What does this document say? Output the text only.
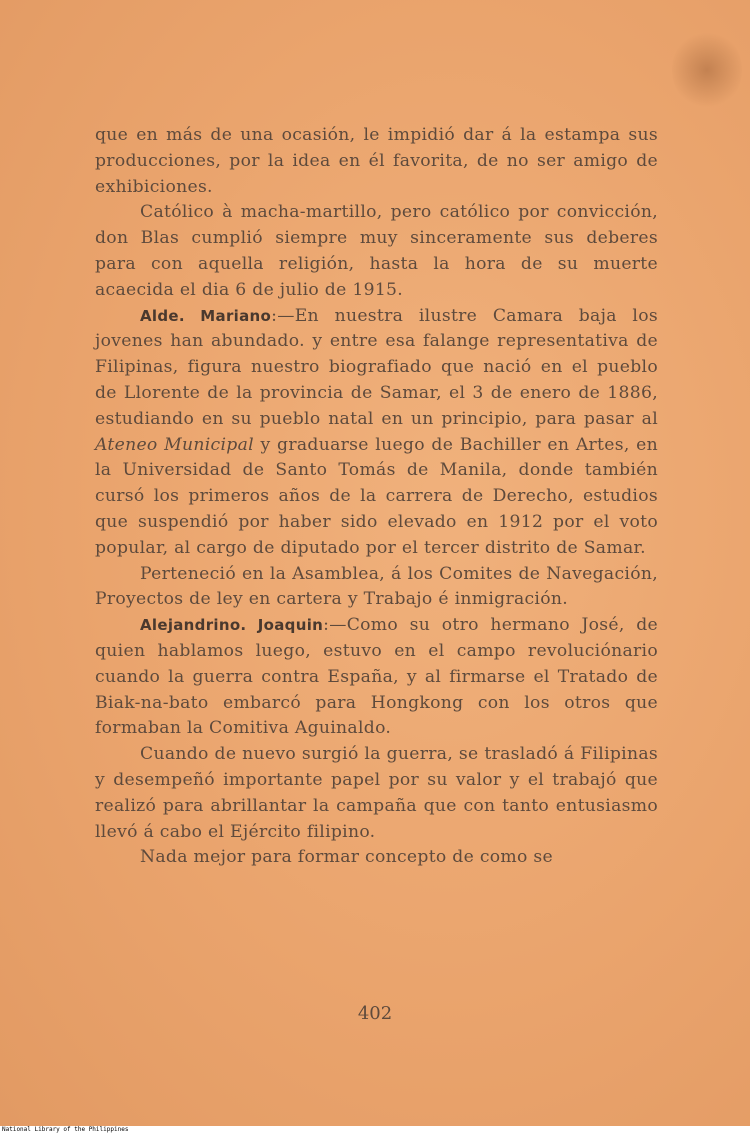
que en más de una ocasión, le impidió dar á la estampa sus producciones, por la idea en él favorita, de no ser amigo de exhibiciones.

Católico à macha-martillo, pero católico por convicción, don Blas cumplió siempre muy sinceramente sus deberes para con aquella religión, hasta la hora de su muerte acaecida el dia 6 de julio de 1915.

Alde. Mariano:—En nuestra ilustre Camara baja los jovenes han abundado. y entre esa falange representativa de Filipinas, figura nuestro biografiado que nació en el pueblo de Llorente de la provincia de Samar, el 3 de enero de 1886, estudiando en su pueblo natal en un principio, para pasar al Ateneo Municipal y graduarse luego de Bachiller en Artes, en la Universidad de Santo Tomás de Manila, donde también cursó los primeros años de la carrera de Derecho, estudios que suspendió por haber sido elevado en 1912 por el voto popular, al cargo de diputado por el tercer distrito de Samar.

Perteneció en la Asamblea, á los Comites de Navegación, Proyectos de ley en cartera y Trabajo é inmigración.

Alejandrino. Joaquin:—Como su otro hermano José, de quien hablamos luego, estuvo en el campo revoluciónario cuando la guerra contra España, y al firmarse el Tratado de Biak-na-bato embarcó para Hongkong con los otros que formaban la Comitiva Aguinaldo.

Cuando de nuevo surgió la guerra, se trasladó á Filipinas y desempeñó importante papel por su valor y el trabajó que realizó para abrillantar la campaña que con tanto entusiasmo llevó á cabo el Ejército filipino.

Nada mejor para formar concepto de como se

402
National Library of the Philippines
